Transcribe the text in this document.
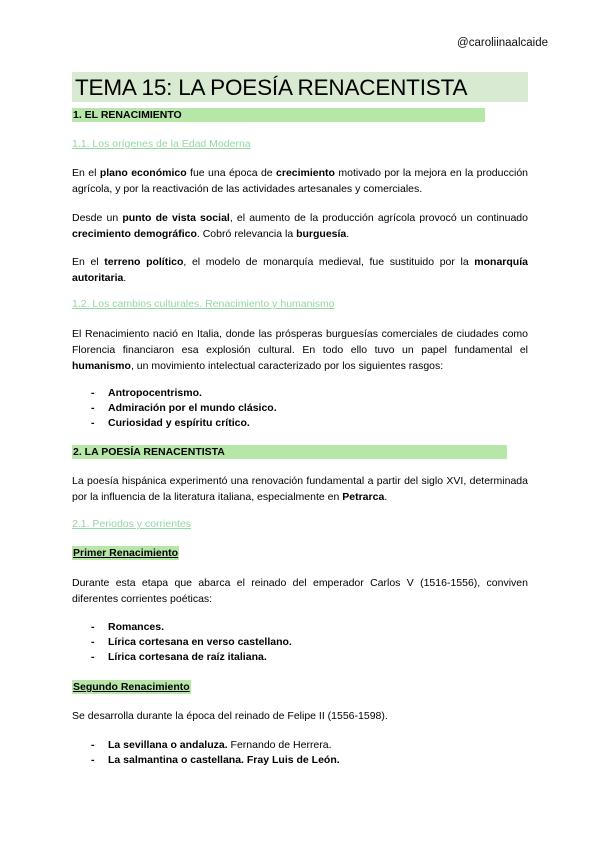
@caroliinaalcaide
TEMA 15: LA POESÍA RENACENTISTA
1. EL RENACIMIENTO
1.1. Los orígenes de la Edad Moderna

En el plano económico fue una época de crecimiento motivado por la mejora en la producción agrícola, y por la reactivación de las actividades artesanales y comerciales.

Desde un punto de vista social, el aumento de la producción agrícola provocó un continuado crecimiento demográfico. Cobró relevancia la burguesía.

En el terreno político, el modelo de monarquía medieval, fue sustituido por la monarquía autoritaria.

1.2. Los cambios culturales. Renacimiento y humanismo

El Renacimiento nació en Italia, donde las prósperas burguesías comerciales de ciudades como Florencia financiaron esa explosión cultural. En todo ello tuvo un papel fundamental el humanismo, un movimiento intelectual caracterizado por los siguientes rasgos:

- Antropocentrismo.
- Admiración por el mundo clásico.
- Curiosidad y espíritu crítico.
2. LA POESÍA RENACENTISTA

La poesía hispánica experimentó una renovación fundamental a partir del siglo XVI, determinada por la influencia de la literatura italiana, especialmente en Petrarca.

2.1. Periodos y corrientes
Primer Renacimiento

Durante esta etapa que abarca el reinado del emperador Carlos V (1516-1556), conviven diferentes corrientes poéticas:

- Romances.
- Lírica cortesana en verso castellano.
- Lírica cortesana de raíz italiana.
Segundo Renacimiento

Se desarrolla durante la época del reinado de Felipe II (1556-1598).

- La sevillana o andaluza. Fernando de Herrera.
- La salmantina o castellana. Fray Luis de León.
